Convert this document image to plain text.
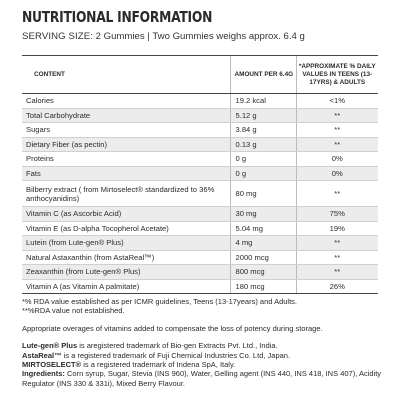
NUTRITIONAL INFORMATION
SERVING SIZE: 2 Gummies | Two Gummies weighs approx. 6.4 g
CONTENT	AMOUNT PER 6.4G	*APPROXIMATE % DAILY VALUES IN TEENS (13- 17YRS) & ADULTS
Calories	19.2 kcal	<1%
Total Carbohydrate	5.12 g	**
Sugars	3.84 g	**
Dietary Fiber (as pectin)	0.13 g	**
Proteins	0 g	0%
Fats	0 g	0%
Bilberry extract ( from Mirtoselect® standardized to 36% anthocyanidins)	80 mg	**
Vitamin C (as Ascorbic Acid)	30 mg	75%
Vitamin E (as D-alpha Tocopherol Acetate)	5.04 mg	19%
Lutein (from Lute-gen® Plus)	4 mg	**
Natural Astaxanthin (from AstaReal™)	2000 mcg	**
Zeaxanthin (from Lute-gen® Plus)	800 mcg	**
Vitamin A (as Vitamin A palmitate)	180 mcg	26%

*% RDA value established as per ICMR guidelines, Teens (13-17years) and Adults.

**%RDA value not established.

Appropriate overages of vitamins added to compensate the loss of potency during storage.

Lute-gen® Plus is aregistered trademark of Bio-gen Extracts Pvt. Ltd., India.

AstaReal™ is a registered trademark of Fuji Chemical Industries Co. Ltd, Japan.

MIRTOSELECT® is a registered trademark of Indena SpA, Italy.

Ingredients: Corn syrup, Sugar, Stevia (INS 960), Water, Gelling agent (INS 440, INS 418, INS 407), Acidity Regulator (INS 330 & 331i), Mixed Berry Flavour.
